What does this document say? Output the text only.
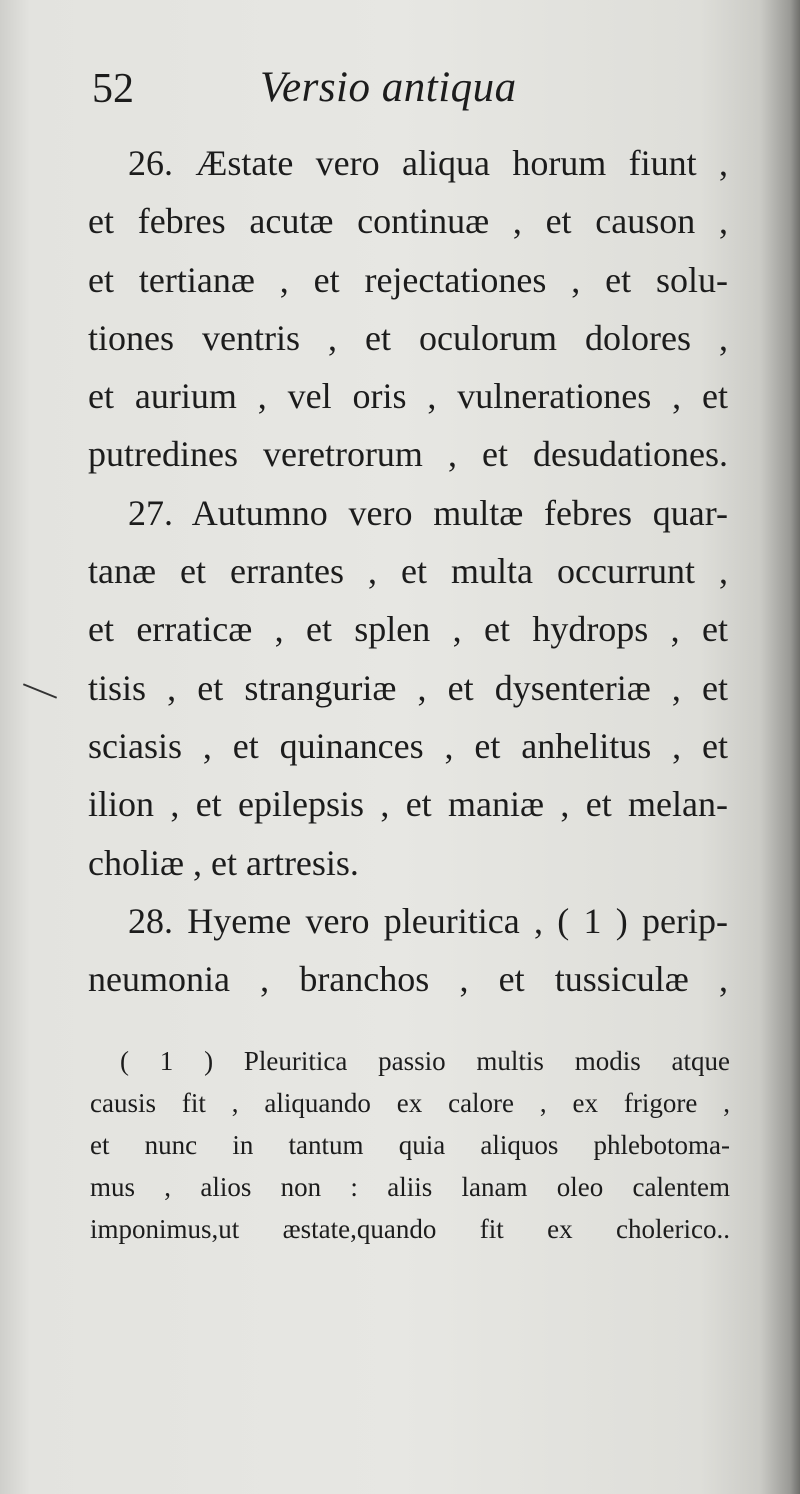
52	Versio antiqua
26. Æstate vero aliqua horum fiunt ,
et febres acutæ continuæ , et causon ,
et tertianæ , et rejectationes , et solu-
tiones ventris , et oculorum dolores ,
et aurium , vel oris , vulnerationes , et
putredines veretrorum , et desudationes.
27. Autumno vero multæ febres quar-
tanæ et errantes , et multa occurrunt ,
et erraticæ , et splen , et hydrops , et
tisis , et stranguriæ , et dysenteriæ , et
sciasis , et quinances , et anhelitus , et
ilion , et epilepsis , et maniæ , et melan-
choliæ , et artresis.
28. Hyeme vero pleuritica , ( 1 ) perip-
neumonia , branchos , et tussiculæ ,
( 1 ) Pleuritica passio multis modis atque
causis fit , aliquando ex calore , ex frigore ,
et nunc in tantum quia aliquos phlebotoma-
mus , alios non : aliis lanam oleo calentem
imponimus,ut æstate,quando fit ex cholerico..
